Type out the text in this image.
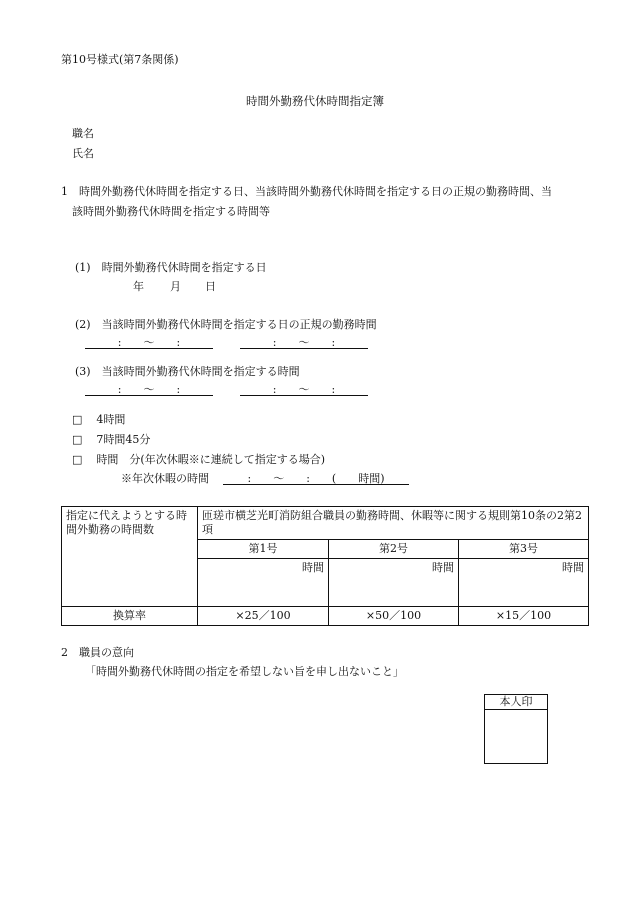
第10号様式(第7条関係)
時間外勤務代休時間指定簿
職名
氏名
1　時間外勤務代休時間を指定する日、当該時間外勤務代休時間を指定する日の正規の勤務時間、当
該時間外勤務代休時間を指定する時間等
(1)　時間外勤務代休時間を指定する日
年 月 日
(2)　当該時間外勤務代休時間を指定する日の正規の勤務時間
:　　〜　　:	:　　〜　　:
(3)　当該時間外勤務代休時間を指定する時間
:　　〜　　:	:　　〜　　:
□ 4時間
□ 7時間45分
□ 時間　分(年次休暇※に連続して指定する場合)
※年次休暇の時間	:　　〜　　:　　(　　時間)
指定に代えようとする時間外勤務の時間数	匝瑳市横芝光町消防組合職員の勤務時間、休暇等に関する規則第10条の2第2項		
	第1号	第2号	第3号
	時間	時間	時間
換算率	×25／100	×50／100	×15／100
2　職員の意向
「時間外勤務代休時間の指定を希望しない旨を申し出ないこと」
本人印
